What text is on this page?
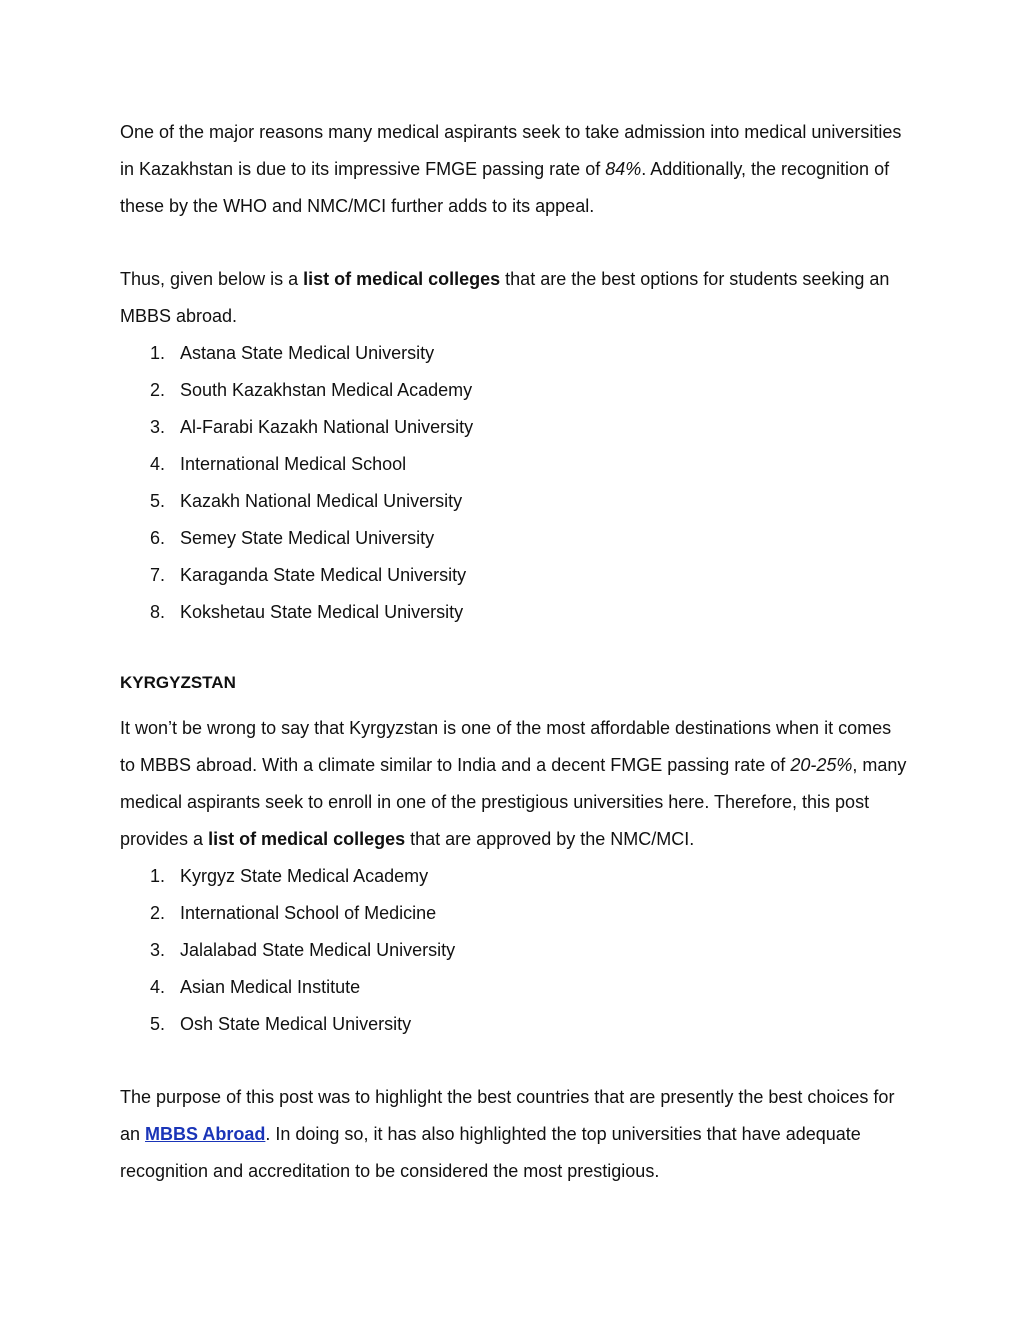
One of the major reasons many medical aspirants seek to take admission into medical universities in Kazakhstan is due to its impressive FMGE passing rate of 84%. Additionally, the recognition of these by the WHO and NMC/MCI further adds to its appeal.

Thus, given below is a list of medical colleges that are the best options for students seeking an MBBS abroad.

1. Astana State Medical University
2. South Kazakhstan Medical Academy
3. Al-Farabi Kazakh National University
4. International Medical School
5. Kazakh National Medical University
6. Semey State Medical University
7. Karaganda State Medical University
8. Kokshetau State Medical University

KYRGYZSTAN

It won’t be wrong to say that Kyrgyzstan is one of the most affordable destinations when it comes to MBBS abroad. With a climate similar to India and a decent FMGE passing rate of 20-25%, many medical aspirants seek to enroll in one of the prestigious universities here. Therefore, this post provides a list of medical colleges that are approved by the NMC/MCI.

1. Kyrgyz State Medical Academy
2. International School of Medicine
3. Jalalabad State Medical University
4. Asian Medical Institute
5. Osh State Medical University

The purpose of this post was to highlight the best countries that are presently the best choices for an MBBS Abroad. In doing so, it has also highlighted the top universities that have adequate recognition and accreditation to be considered the most prestigious.
